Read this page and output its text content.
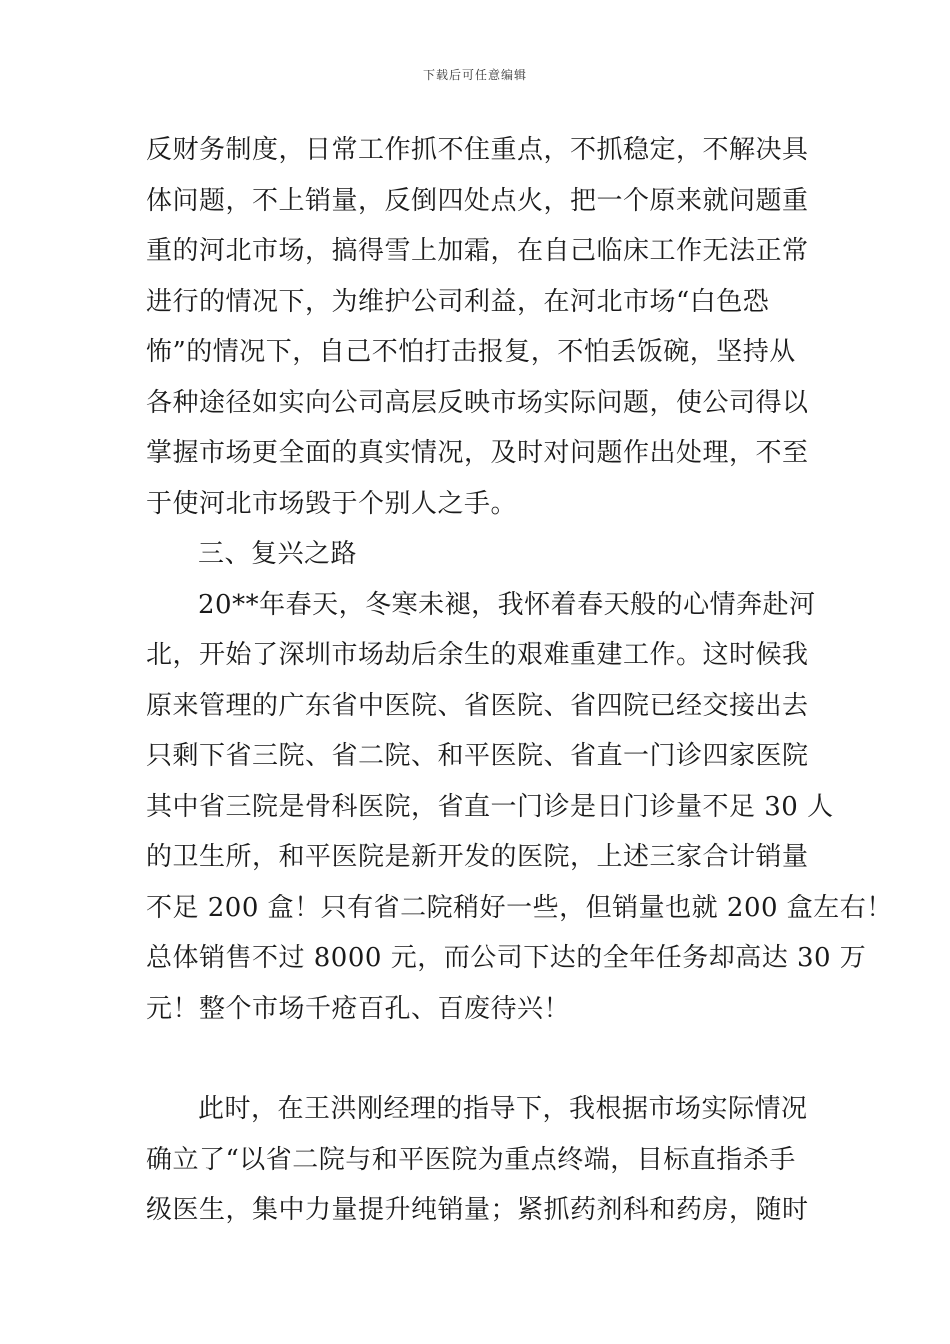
下载后可任意编辑
反财务制度，日常工作抓不住重点，不抓稳定，不解决具
体问题，不上销量，反倒四处点火，把一个原来就问题重
重的河北市场，搞得雪上加霜，在自己临床工作无法正常
进行的情况下，为维护公司利益，在河北市场“白色恐
怖”的情况下，自己不怕打击报复，不怕丢饭碗，坚持从
各种途径如实向公司高层反映市场实际问题，使公司得以
掌握市场更全面的真实情况，及时对问题作出处理，不至
于使河北市场毁于个别人之手。
三、复兴之路
20**年春天，冬寒未褪，我怀着春天般的心情奔赴河
北，开始了深圳市场劫后余生的艰难重建工作。这时候我
原来管理的广东省中医院、省医院、省四院已经交接出去
只剩下省三院、省二院、和平医院、省直一门诊四家医院
其中省三院是骨科医院，省直一门诊是日门诊量不足 30 人
的卫生所，和平医院是新开发的医院，上述三家合计销量
不足 200 盒！只有省二院稍好一些，但销量也就 200 盒左右！
总体销售不过 8000 元，而公司下达的全年任务却高达 30 万
元！整个市场千疮百孔、百废待兴！
此时，在王洪刚经理的指导下，我根据市场实际情况
确立了“以省二院与和平医院为重点终端，目标直指杀手
级医生，集中力量提升纯销量；紧抓药剂科和药房，随时
